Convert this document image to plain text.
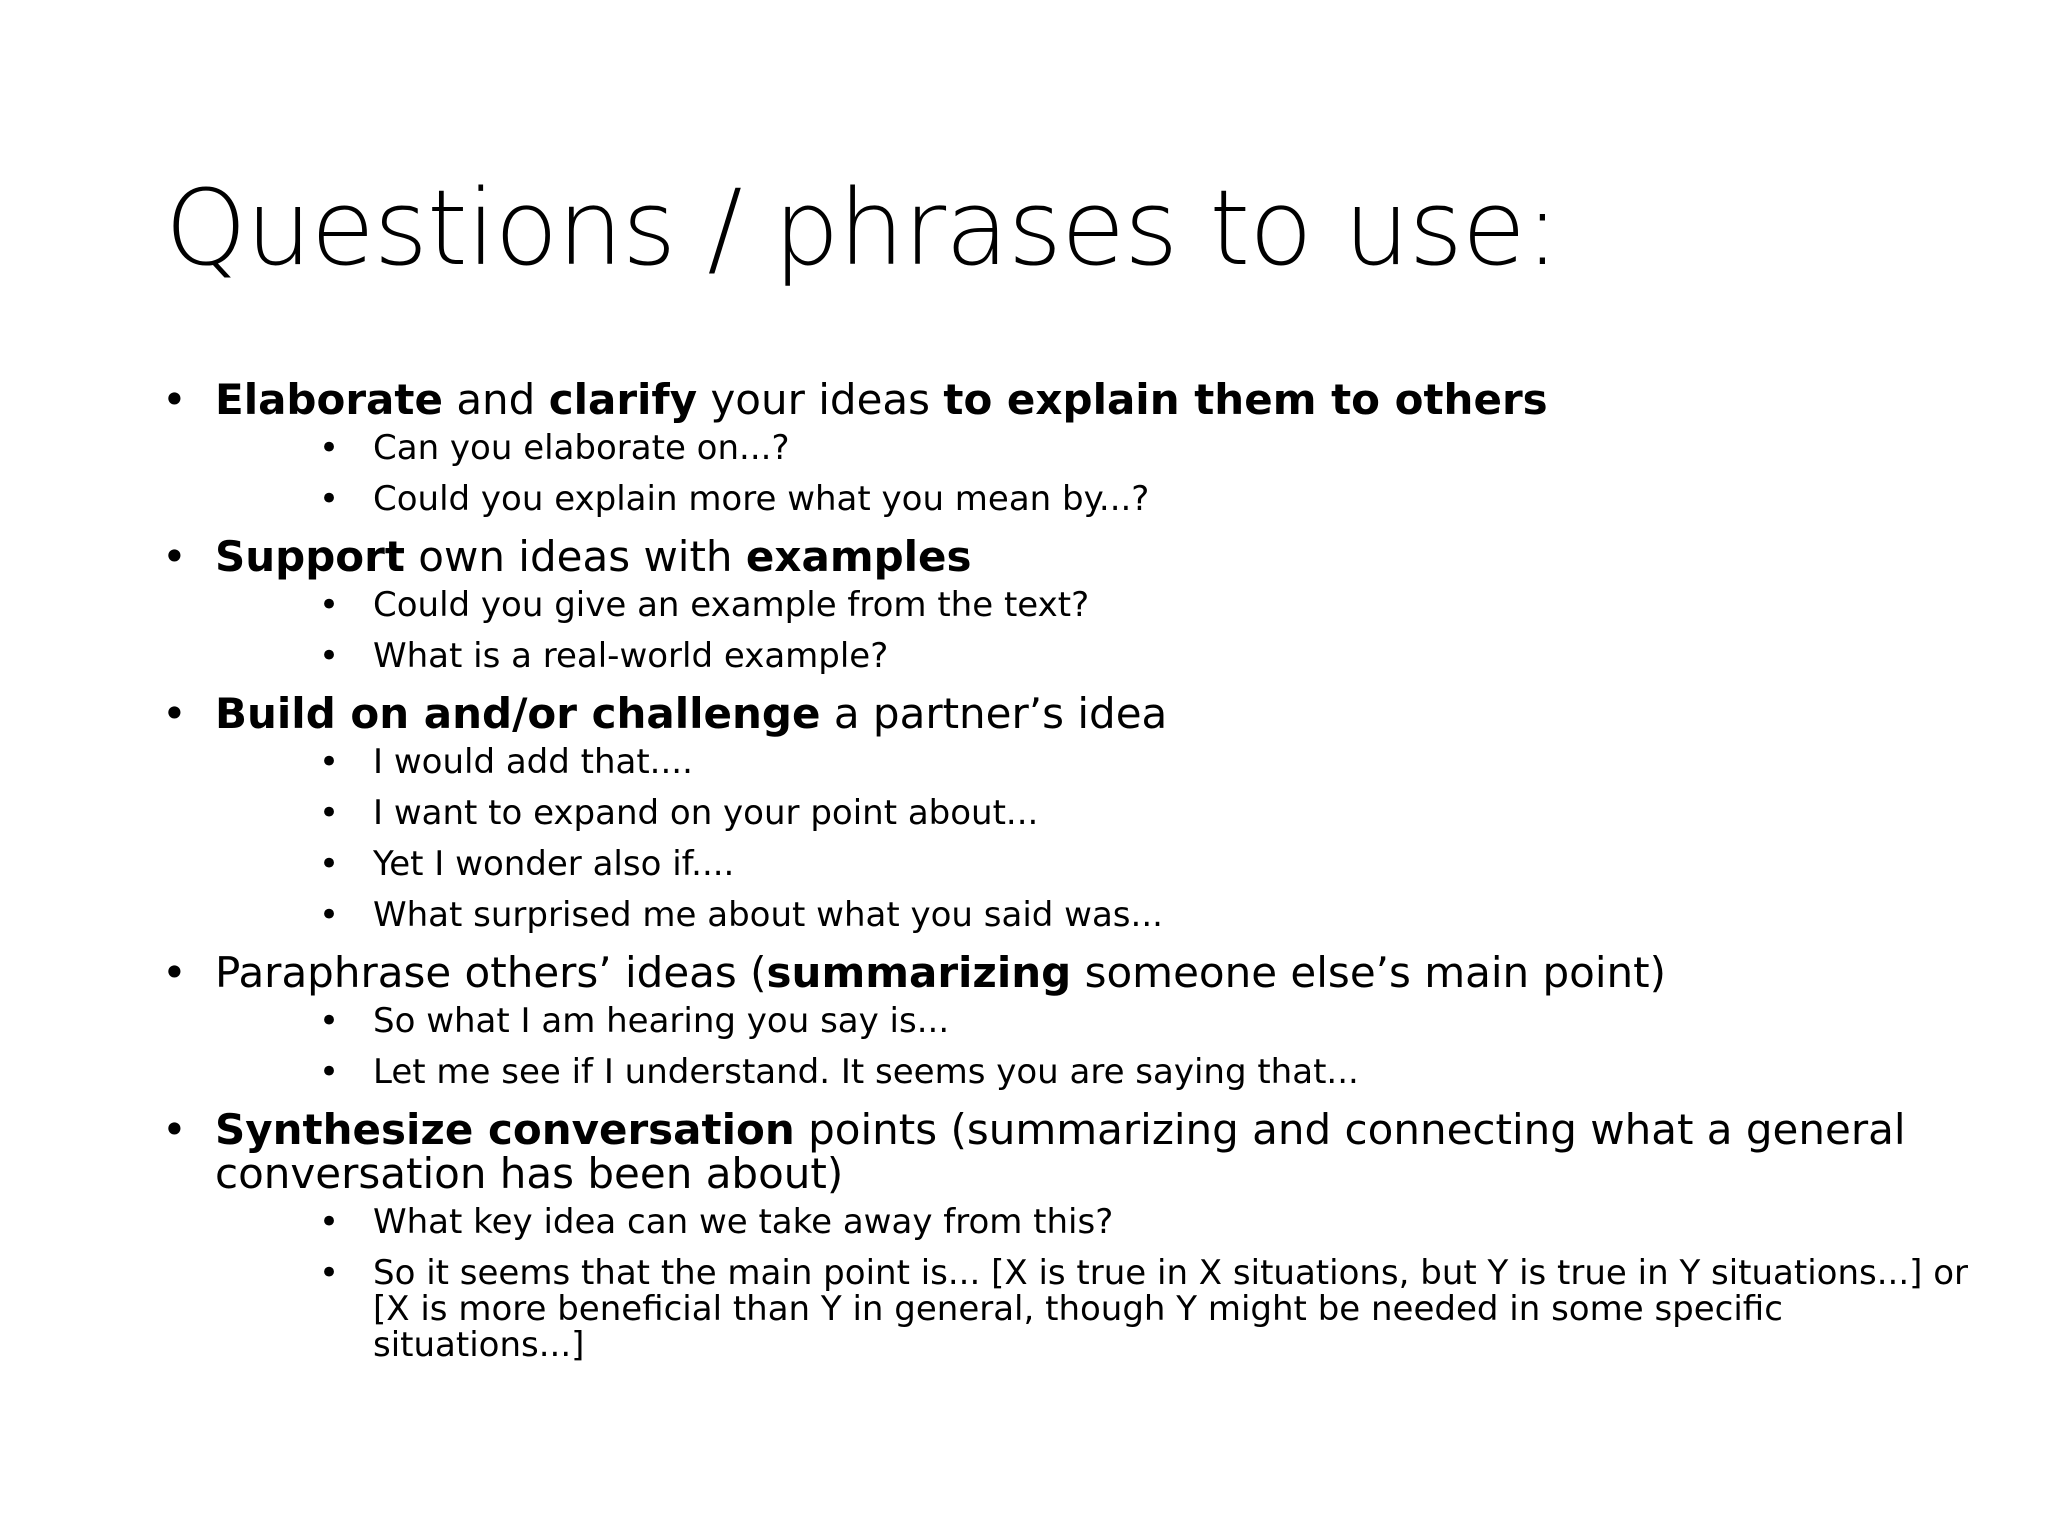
Questions / phrases to use:
• Elaborate and clarify your ideas to explain them to others
• Can you elaborate on...?
• Could you explain more what you mean by...?
• Support own ideas with examples
• Could you give an example from the text?
• What is a real-world example?
• Build on and/or challenge a partner’s idea
• I would add that....
• I want to expand on your point about...
• Yet I wonder also if....
• What surprised me about what you said was...
• Paraphrase others’ ideas (summarizing someone else’s main point)
• So what I am hearing you say is...
• Let me see if I understand. It seems you are saying that...
• Synthesize conversation points (summarizing and connecting what a general conversation has been about)
• What key idea can we take away from this?
• So it seems that the main point is... [X is true in X situations, but Y is true in Y situations...] or [X is more beneficial than Y in general, though Y might be needed in some specific situations...]
